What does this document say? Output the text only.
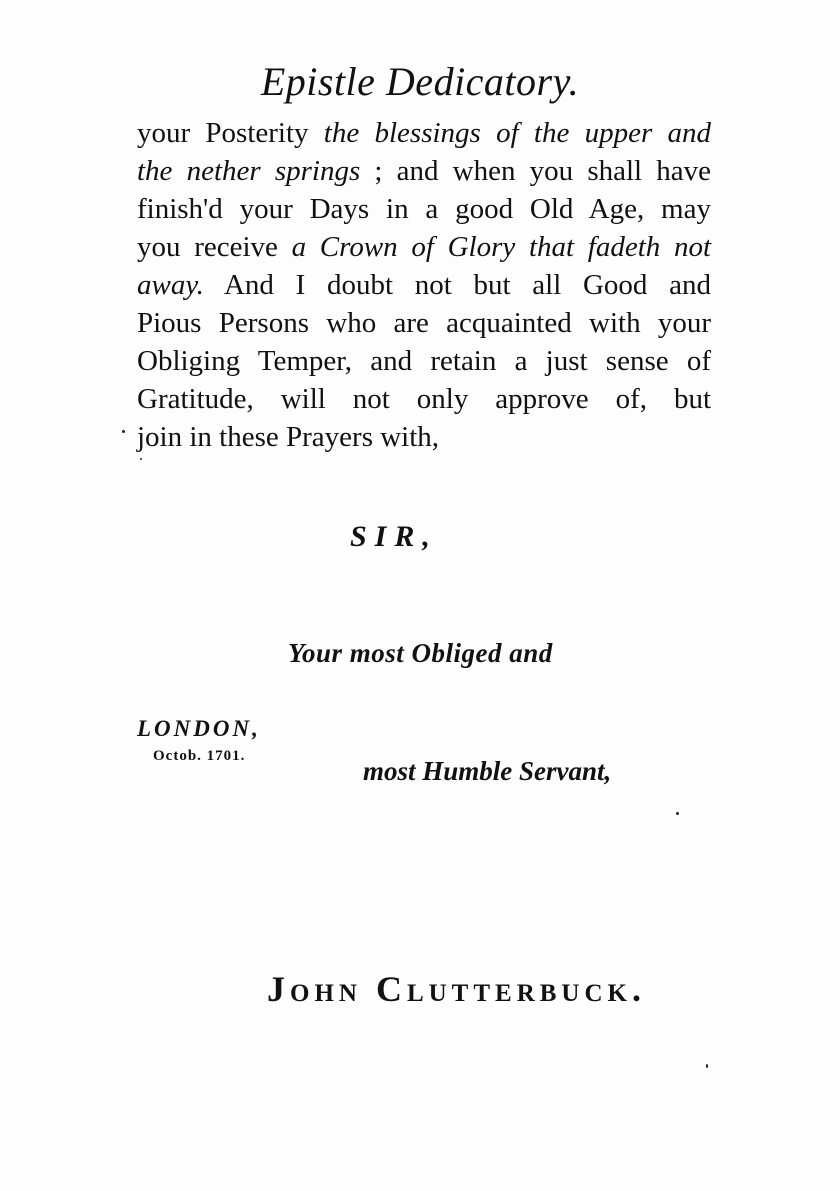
Epistle Dedicatory.
your Posterity the blessings of the upper and
the nether springs ; and when you shall have
finish'd your Days in a good Old Age, may
you receive a Crown of Glory that fadeth not
away. And I doubt not but all Good and
Pious Persons who are acquainted with your
Obliging Temper, and retain a just sense of
Gratitude, will not only approve of, but
join in these Prayers with,
SIR,
Your most Obliged and
LONDON,
Octob. 1701.	most Humble Servant,
John Clutterbuck.
